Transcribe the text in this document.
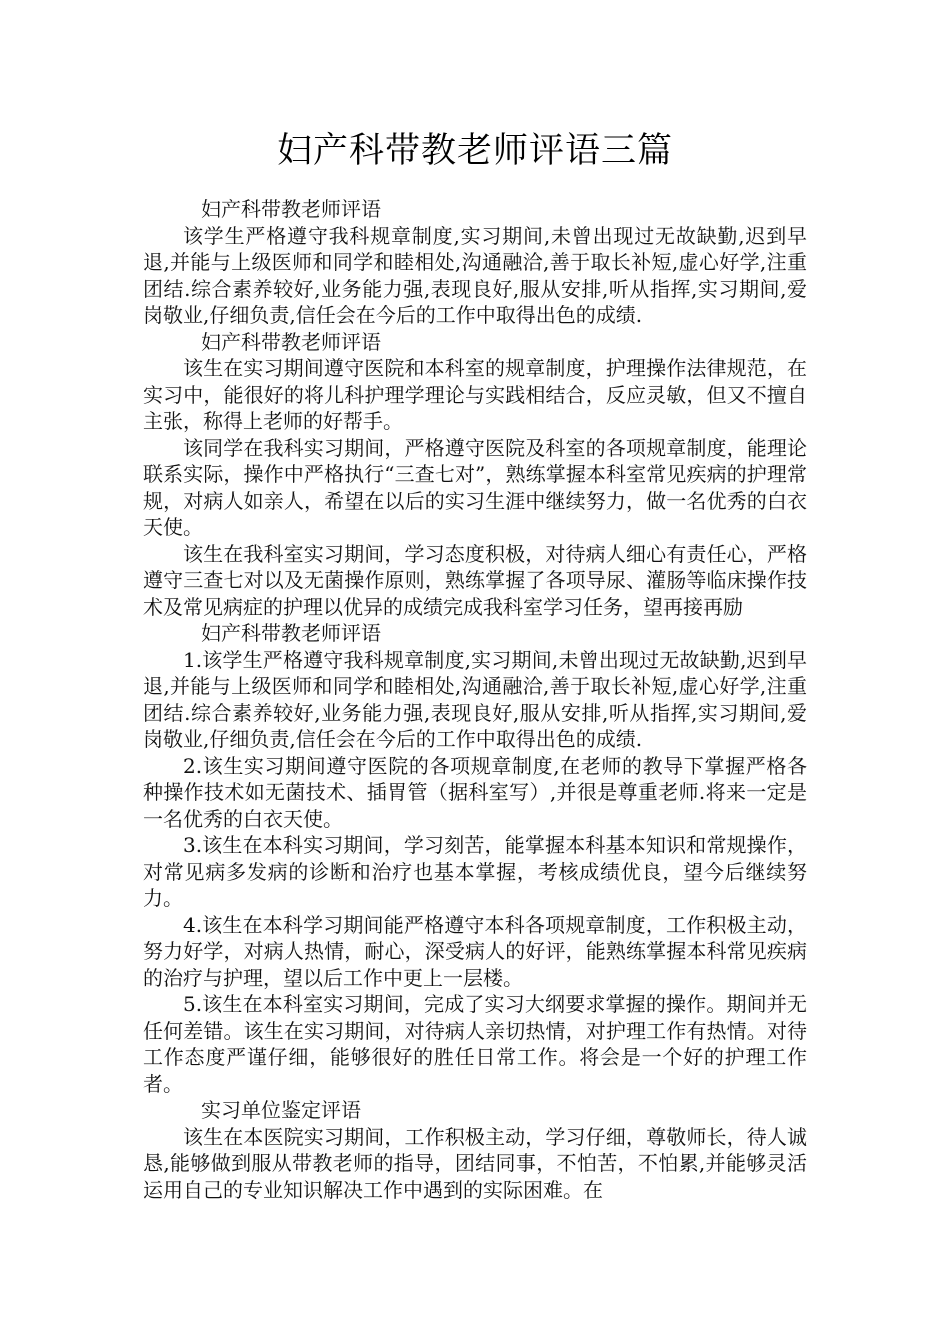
妇产科带教老师评语三篇

妇产科带教老师评语

该学生严格遵守我科规章制度,实习期间,未曾出现过无故缺勤,迟到早退,并能与上级医师和同学和睦相处,沟通融洽,善于取长补短,虚心好学,注重团结.综合素养较好,业务能力强,表现良好,服从安排,听从指挥,实习期间,爱岗敬业,仔细负责,信任会在今后的工作中取得出色的成绩.

妇产科带教老师评语

该生在实习期间遵守医院和本科室的规章制度，护理操作法律规范，在实习中，能很好的将儿科护理学理论与实践相结合，反应灵敏，但又不擅自主张，称得上老师的好帮手。

该同学在我科实习期间，严格遵守医院及科室的各项规章制度，能理论联系实际，操作中严格执行“三查七对”，熟练掌握本科室常见疾病的护理常规，对病人如亲人，希望在以后的实习生涯中继续努力，做一名优秀的白衣天使。

该生在我科室实习期间，学习态度积极，对待病人细心有责任心，严格遵守三查七对以及无菌操作原则，熟练掌握了各项导尿、灌肠等临床操作技术及常见病症的护理以优异的成绩完成我科室学习任务，望再接再励

妇产科带教老师评语

1.该学生严格遵守我科规章制度,实习期间,未曾出现过无故缺勤,迟到早退,并能与上级医师和同学和睦相处,沟通融洽,善于取长补短,虚心好学,注重团结.综合素养较好,业务能力强,表现良好,服从安排,听从指挥,实习期间,爱岗敬业,仔细负责,信任会在今后的工作中取得出色的成绩.

2.该生实习期间遵守医院的各项规章制度,在老师的教导下掌握严格各种操作技术如无菌技术、插胃管（据科室写）,并很是尊重老师.将来一定是一名优秀的白衣天使。

3.该生在本科实习期间，学习刻苦，能掌握本科基本知识和常规操作，对常见病多发病的诊断和治疗也基本掌握，考核成绩优良，望今后继续努力。

4.该生在本科学习期间能严格遵守本科各项规章制度，工作积极主动，努力好学，对病人热情，耐心，深受病人的好评，能熟练掌握本科常见疾病的治疗与护理，望以后工作中更上一层楼。

5.该生在本科室实习期间，完成了实习大纲要求掌握的操作。期间并无任何差错。该生在实习期间，对待病人亲切热情，对护理工作有热情。对待工作态度严谨仔细，能够很好的胜任日常工作。将会是一个好的护理工作者。

实习单位鉴定评语

该生在本医院实习期间，工作积极主动，学习仔细，尊敬师长，待人诚恳,能够做到服从带教老师的指导，团结同事，不怕苦，不怕累,并能够灵活运用自己的专业知识解决工作中遇到的实际困难。在
